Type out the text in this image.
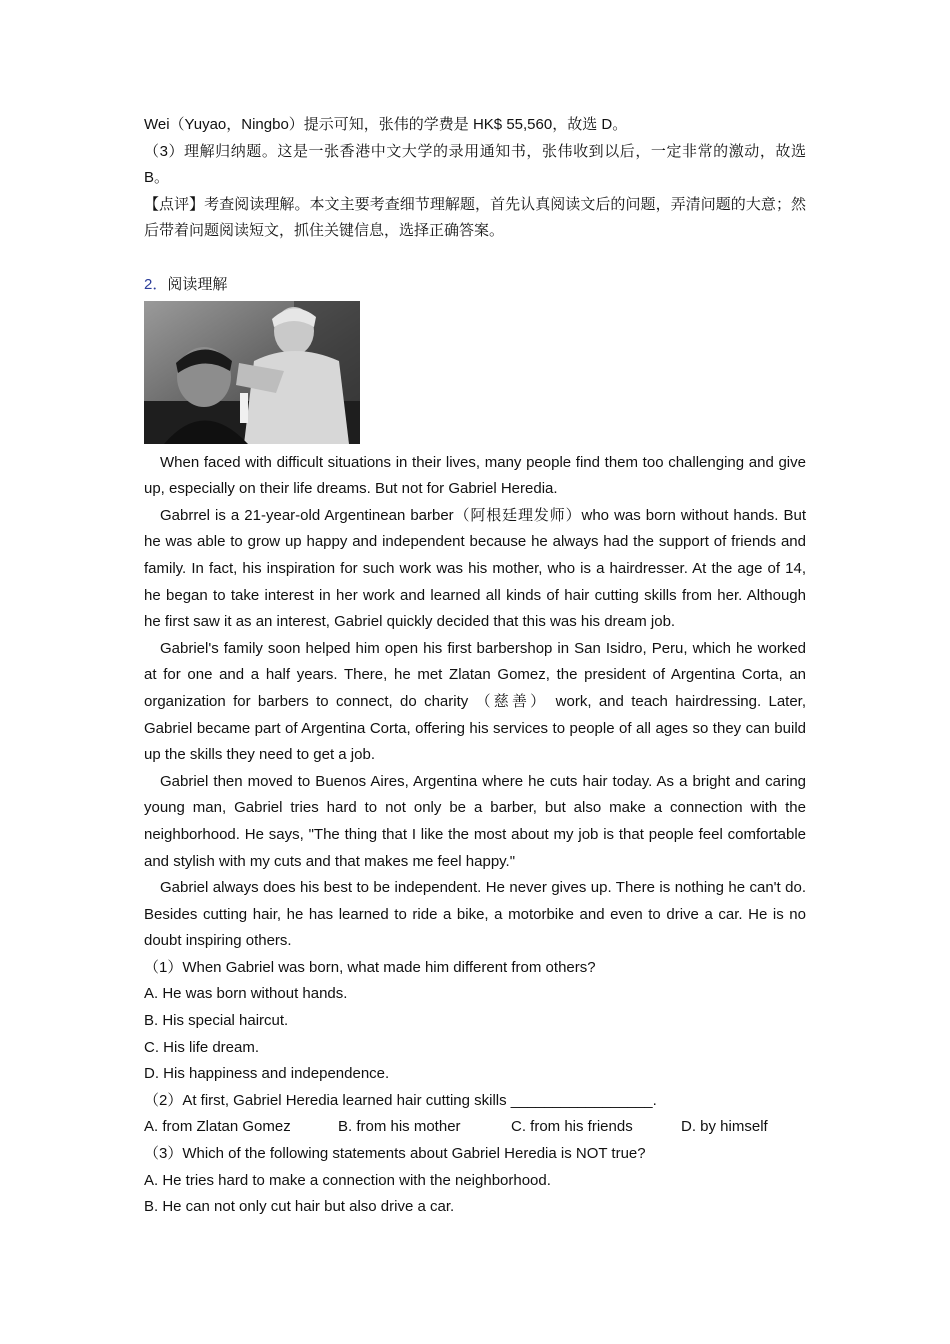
Wei（Yuyao，Ningbo）提示可知，张伟的学费是 HK$ 55,560，故选 D。

（3）理解归纳题。这是一张香港中文大学的录用通知书，张伟收到以后，一定非常的激动，故选 B。

【点评】考查阅读理解。本文主要考查细节理解题，首先认真阅读文后的问题，弄清问题的大意；然后带着问题阅读短文，抓住关键信息，选择正确答案。

2．阅读理解

When faced with difficult situations in their lives, many people find them too challenging and give up, especially on their life dreams. But not for Gabriel Heredia.

Gabrrel is a 21-year-old Argentinean barber（阿根廷理发师）who was born without hands. But he was able to grow up happy and independent because he always had the support of friends and family. In fact, his inspiration for such work was his mother, who is a hairdresser. At the age of 14, he began to take interest in her work and learned all kinds of hair cutting skills from her. Although he first saw it as an interest, Gabriel quickly decided that this was his dream job.

Gabriel's family soon helped him open his first barbershop in San Isidro, Peru, which he worked at for one and a half years. There, he met Zlatan Gomez, the president of Argentina Corta, an organization for barbers to connect, do charity （慈善） work, and teach hairdressing. Later, Gabriel became part of Argentina Corta, offering his services to people of all ages so they can build up the skills they need to get a job.

Gabriel then moved to Buenos Aires, Argentina where he cuts hair today. As a bright and caring young man, Gabriel tries hard to not only be a barber, but also make a connection with the neighborhood. He says, "The thing that I like the most about my job is that people feel comfortable and stylish with my cuts and that makes me feel happy."

Gabriel always does his best to be independent. He never gives up. There is nothing he can't do. Besides cutting hair, he has learned to ride a bike, a motorbike and even to drive a car. He is no doubt inspiring others.

（1）When Gabriel was born, what made him different from others?

A. He was born without hands.

B. His special haircut.

C. His life dream.

D. His happiness and independence.

（2）At first, Gabriel Heredia learned hair cutting skills _________________.

A. from Zlatan Gomez	B. from his mother	C. from his friends	D. by himself

（3）Which of the following statements about Gabriel Heredia is NOT true?

A. He tries hard to make a connection with the neighborhood.

B. He can not only cut hair but also drive a car.
